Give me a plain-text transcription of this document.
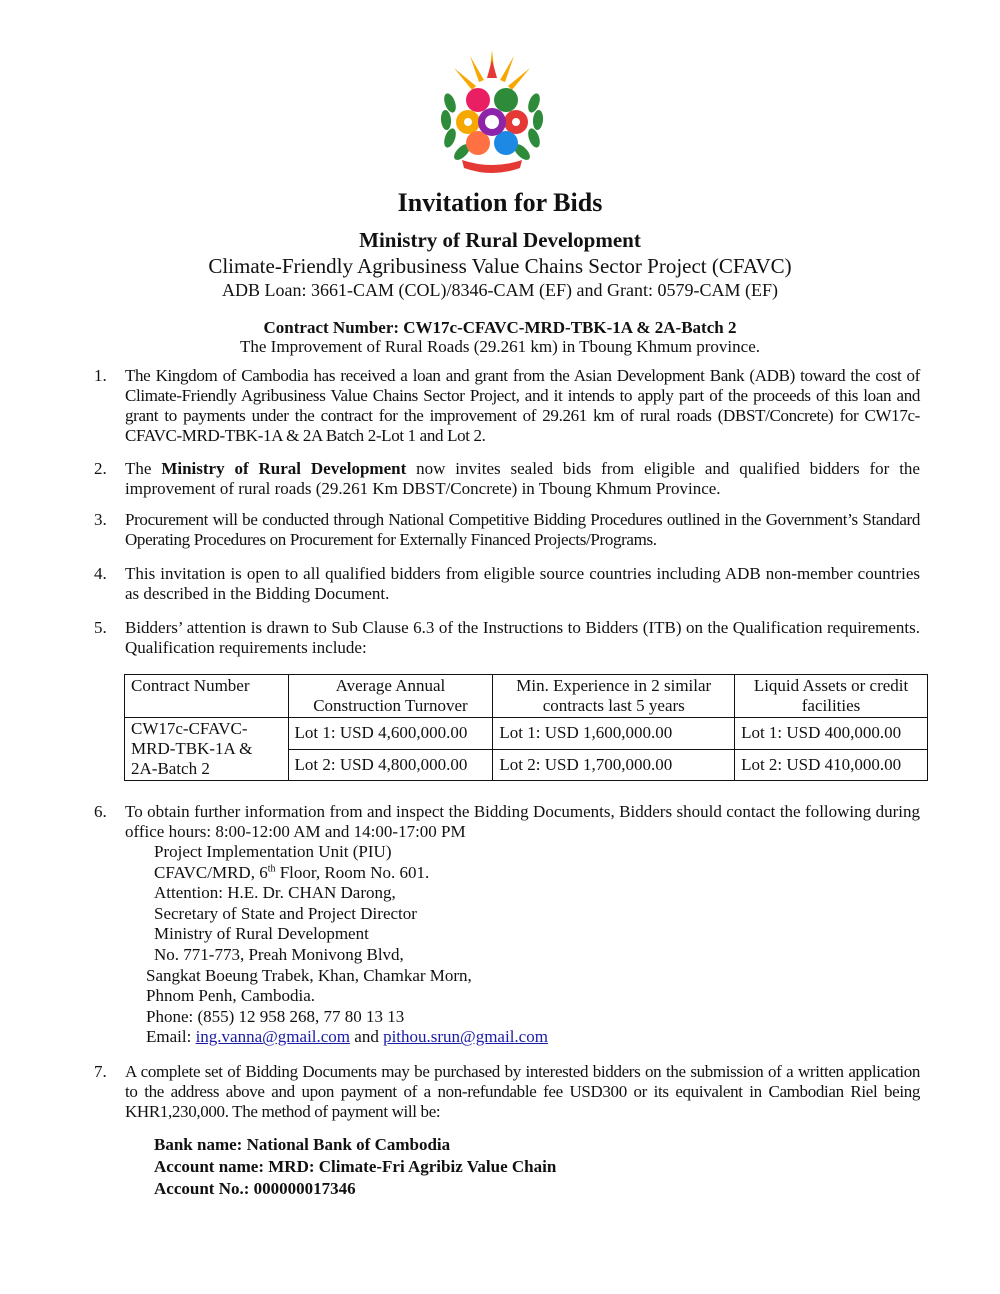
Invitation for Bids
Ministry of Rural Development
Climate-Friendly Agribusiness Value Chains Sector Project (CFAVC)
ADB Loan: 3661-CAM (COL)/8346-CAM (EF) and Grant: 0579-CAM (EF)
Contract Number: CW17c-CFAVC-MRD-TBK-1A & 2A-Batch 2
The Improvement of Rural Roads (29.261 km) in Tboung Khmum province.
1. The Kingdom of Cambodia has received a loan and grant from the Asian Development Bank (ADB) toward the cost of Climate-Friendly Agribusiness Value Chains Sector Project, and it intends to apply part of the proceeds of this loan and grant to payments under the contract for the improvement of 29.261 km of rural roads (DBST/Concrete) for CW17c-CFAVC-MRD-TBK-1A & 2A Batch 2-Lot 1 and Lot 2.
2. The Ministry of Rural Development now invites sealed bids from eligible and qualified bidders for the improvement of rural roads (29.261 Km DBST/Concrete) in Tboung Khmum Province.
3. Procurement will be conducted through National Competitive Bidding Procedures outlined in the Government’s Standard Operating Procedures on Procurement for Externally Financed Projects/Programs.
4. This invitation is open to all qualified bidders from eligible source countries including ADB non-member countries as described in the Bidding Document.
5. Bidders’ attention is drawn to Sub Clause 6.3 of the Instructions to Bidders (ITB) on the Qualification requirements. Qualification requirements include:
Contract Number	Average Annual Construction Turnover	Min. Experience in 2 similar contracts last 5 years	Liquid Assets or credit facilities
CW17c-CFAVC-MRD-TBK-1A & 2A-Batch 2	Lot 1: USD 4,600,000.00	Lot 1: USD 1,600,000.00	Lot 1: USD 400,000.00
	Lot 2: USD 4,800,000.00	Lot 2: USD 1,700,000.00	Lot 2: USD 410,000.00
6. To obtain further information from and inspect the Bidding Documents, Bidders should contact the following during office hours: 8:00-12:00 AM and 14:00-17:00 PM
Project Implementation Unit (PIU)
CFAVC/MRD, 6th Floor, Room No. 601.
Attention: H.E. Dr. CHAN Darong,
Secretary of State and Project Director
Ministry of Rural Development
No. 771-773, Preah Monivong Blvd,
Sangkat Boeung Trabek, Khan, Chamkar Morn,
Phnom Penh, Cambodia.
Phone: (855) 12 958 268, 77 80 13 13
Email: ing.vanna@gmail.com and pithou.srun@gmail.com
7. A complete set of Bidding Documents may be purchased by interested bidders on the submission of a written application to the address above and upon payment of a non-refundable fee USD300 or its equivalent in Cambodian Riel being KHR1,230,000. The method of payment will be:
Bank name: National Bank of Cambodia
Account name: MRD: Climate-Fri Agribiz Value Chain
Account No.: 000000017346
